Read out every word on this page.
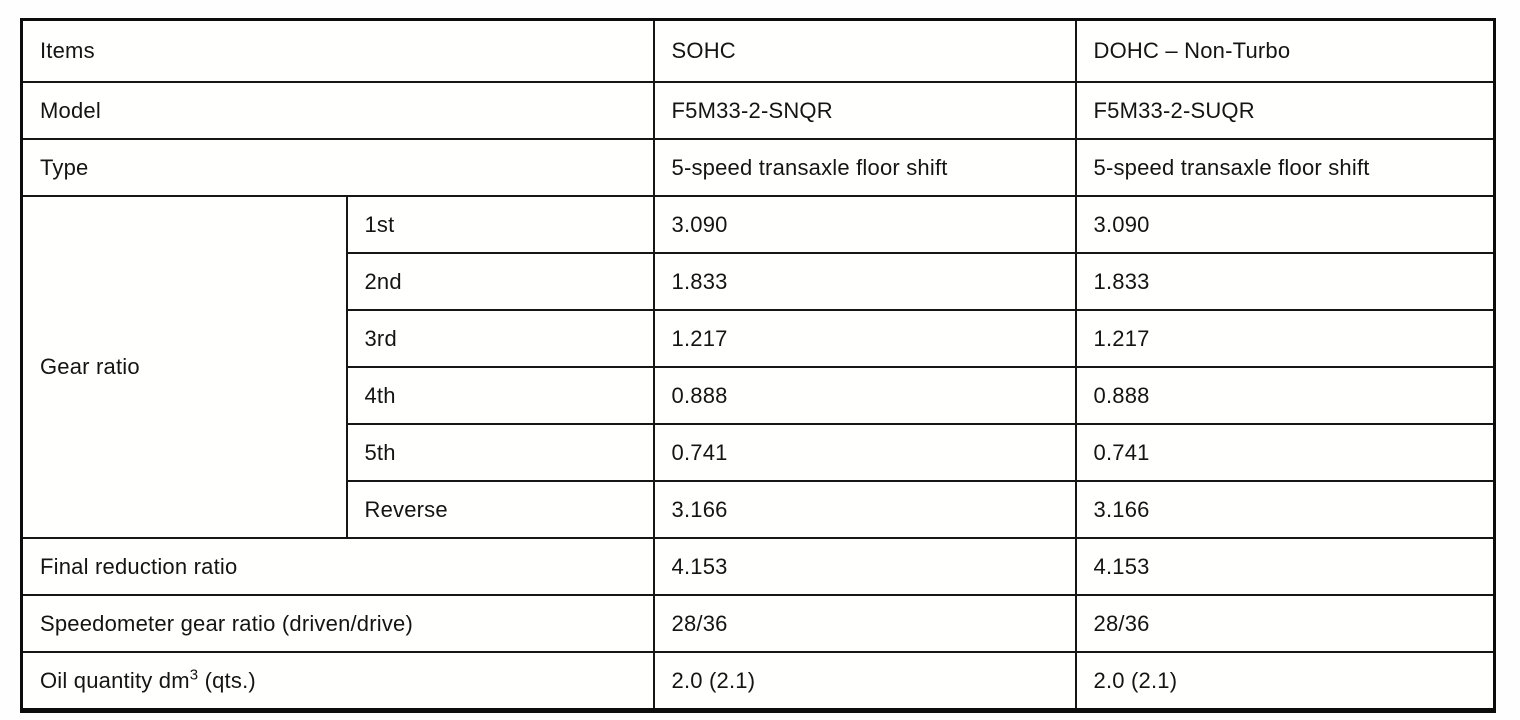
Items		SOHC	DOHC – Non-Turbo
Model		F5M33-2-SNQR	F5M33-2-SUQR
Type		5-speed transaxle floor shift	5-speed transaxle floor shift
Gear ratio	1st	3.090	3.090
	2nd	1.833	1.833
	3rd	1.217	1.217
	4th	0.888	0.888
	5th	0.741	0.741
	Reverse	3.166	3.166
Final reduction ratio		4.153	4.153
Speedometer gear ratio (driven/drive)		28/36	28/36
Oil quantity $dm^3$ (qts.)		2.0 (2.1)	2.0 (2.1)
